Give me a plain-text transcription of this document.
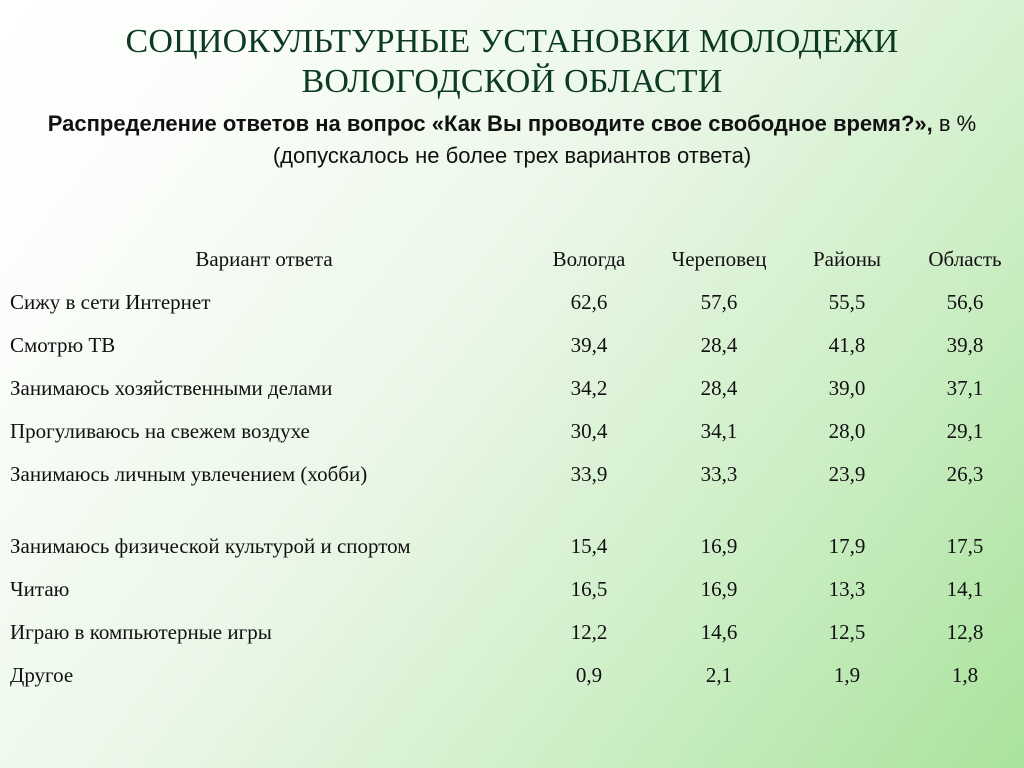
СОЦИОКУЛЬТУРНЫЕ УСТАНОВКИ МОЛОДЕЖИ
ВОЛОГОДСКОЙ ОБЛАСТИ
Распределение ответов на вопрос «Как Вы проводите свое свободное время?», в % (допускалось не более трех вариантов ответа)
Вариант ответа	Вологда	Череповец	Районы	Область
Сижу в сети Интернет	62,6	57,6	55,5	56,6
Смотрю ТВ	39,4	28,4	41,8	39,8
Занимаюсь хозяйственными делами	34,2	28,4	39,0	37,1
Прогуливаюсь на свежем воздухе	30,4	34,1	28,0	29,1
Занимаюсь личным увлечением (хобби)	33,9	33,3	23,9	26,3

Занимаюсь физической культурой и спортом	15,4	16,9	17,9	17,5
Читаю	16,5	16,9	13,3	14,1
Играю в компьютерные игры	12,2	14,6	12,5	12,8
Другое	0,9	2,1	1,9	1,8
